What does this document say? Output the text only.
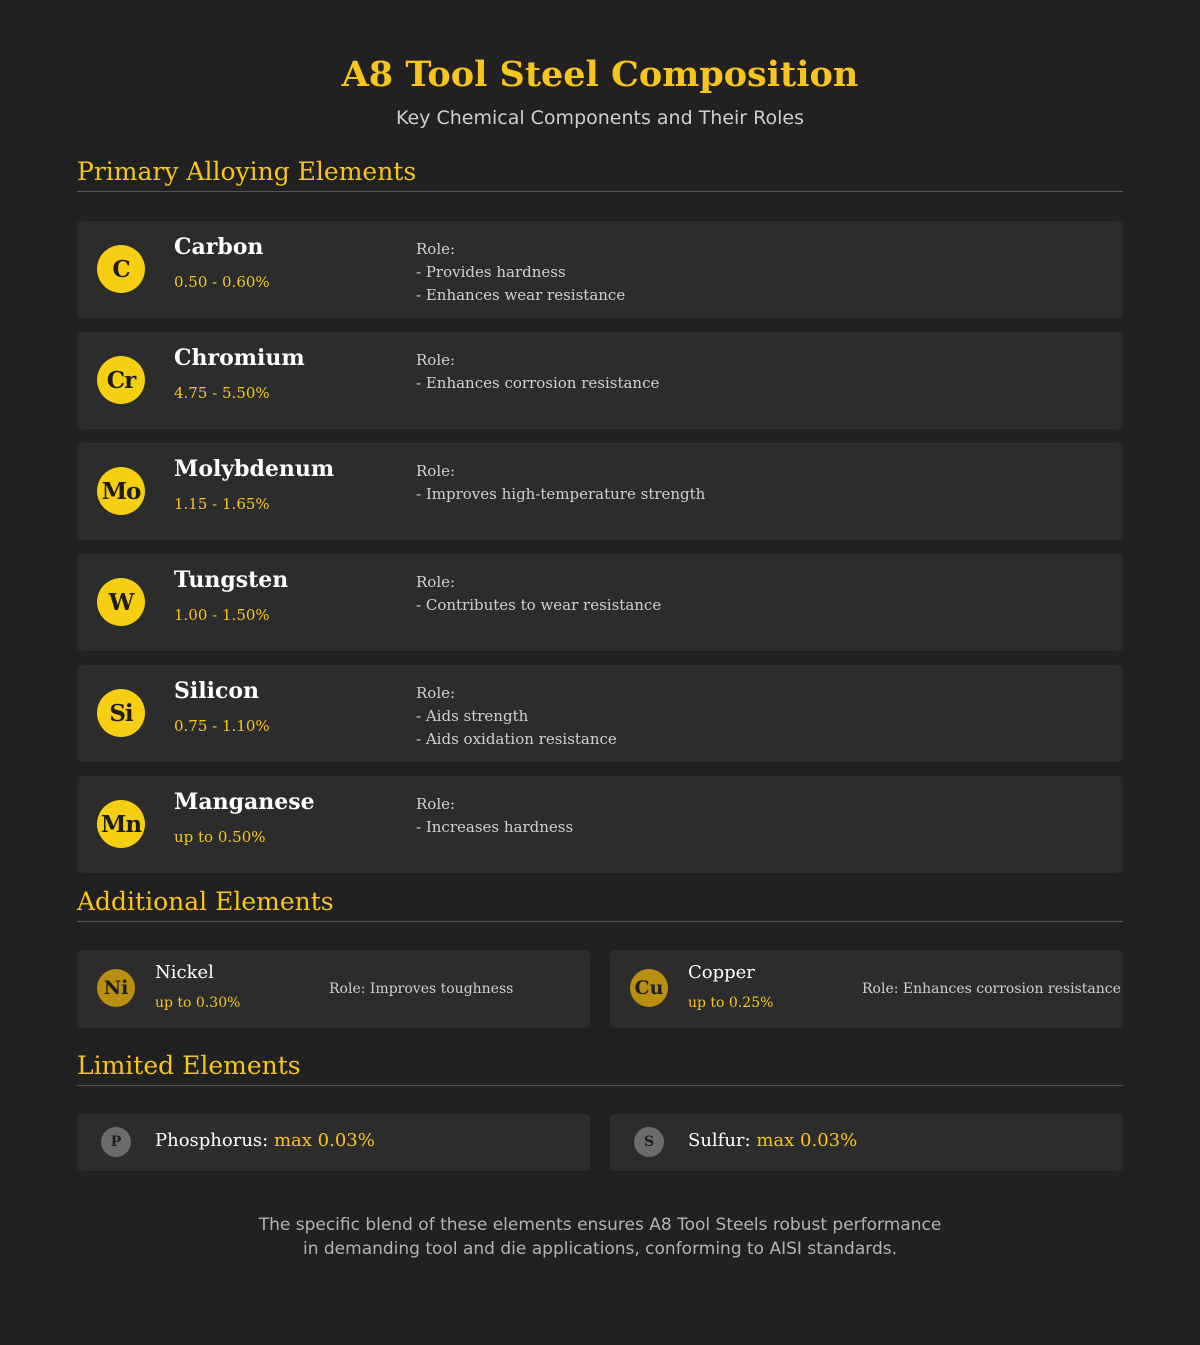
A8 Tool Steel Composition
Key Chemical Components and Their Roles
Primary Alloying Elements
C
Carbon
0.50 - 0.60%
Role:
- Provides hardness
- Enhances wear resistance
Cr
Chromium
4.75 - 5.50%
Role:
- Enhances corrosion resistance
Mo
Molybdenum
1.15 - 1.65%
Role:
- Improves high-temperature strength
W
Tungsten
1.00 - 1.50%
Role:
- Contributes to wear resistance
Si
Silicon
0.75 - 1.10%
Role:
- Aids strength
- Aids oxidation resistance
Mn
Manganese
up to 0.50%
Role:
- Increases hardness
Additional Elements
Ni
Nickel
up to 0.30%
Role: Improves toughness	Cu
Copper
up to 0.25%
Role: Enhances corrosion resistance
Limited Elements
P	Phosphorus: max 0.03%	S	Sulfur: max 0.03%
The specific blend of these elements ensures A8 Tool Steels robust performance
in demanding tool and die applications, conforming to AISI standards.
